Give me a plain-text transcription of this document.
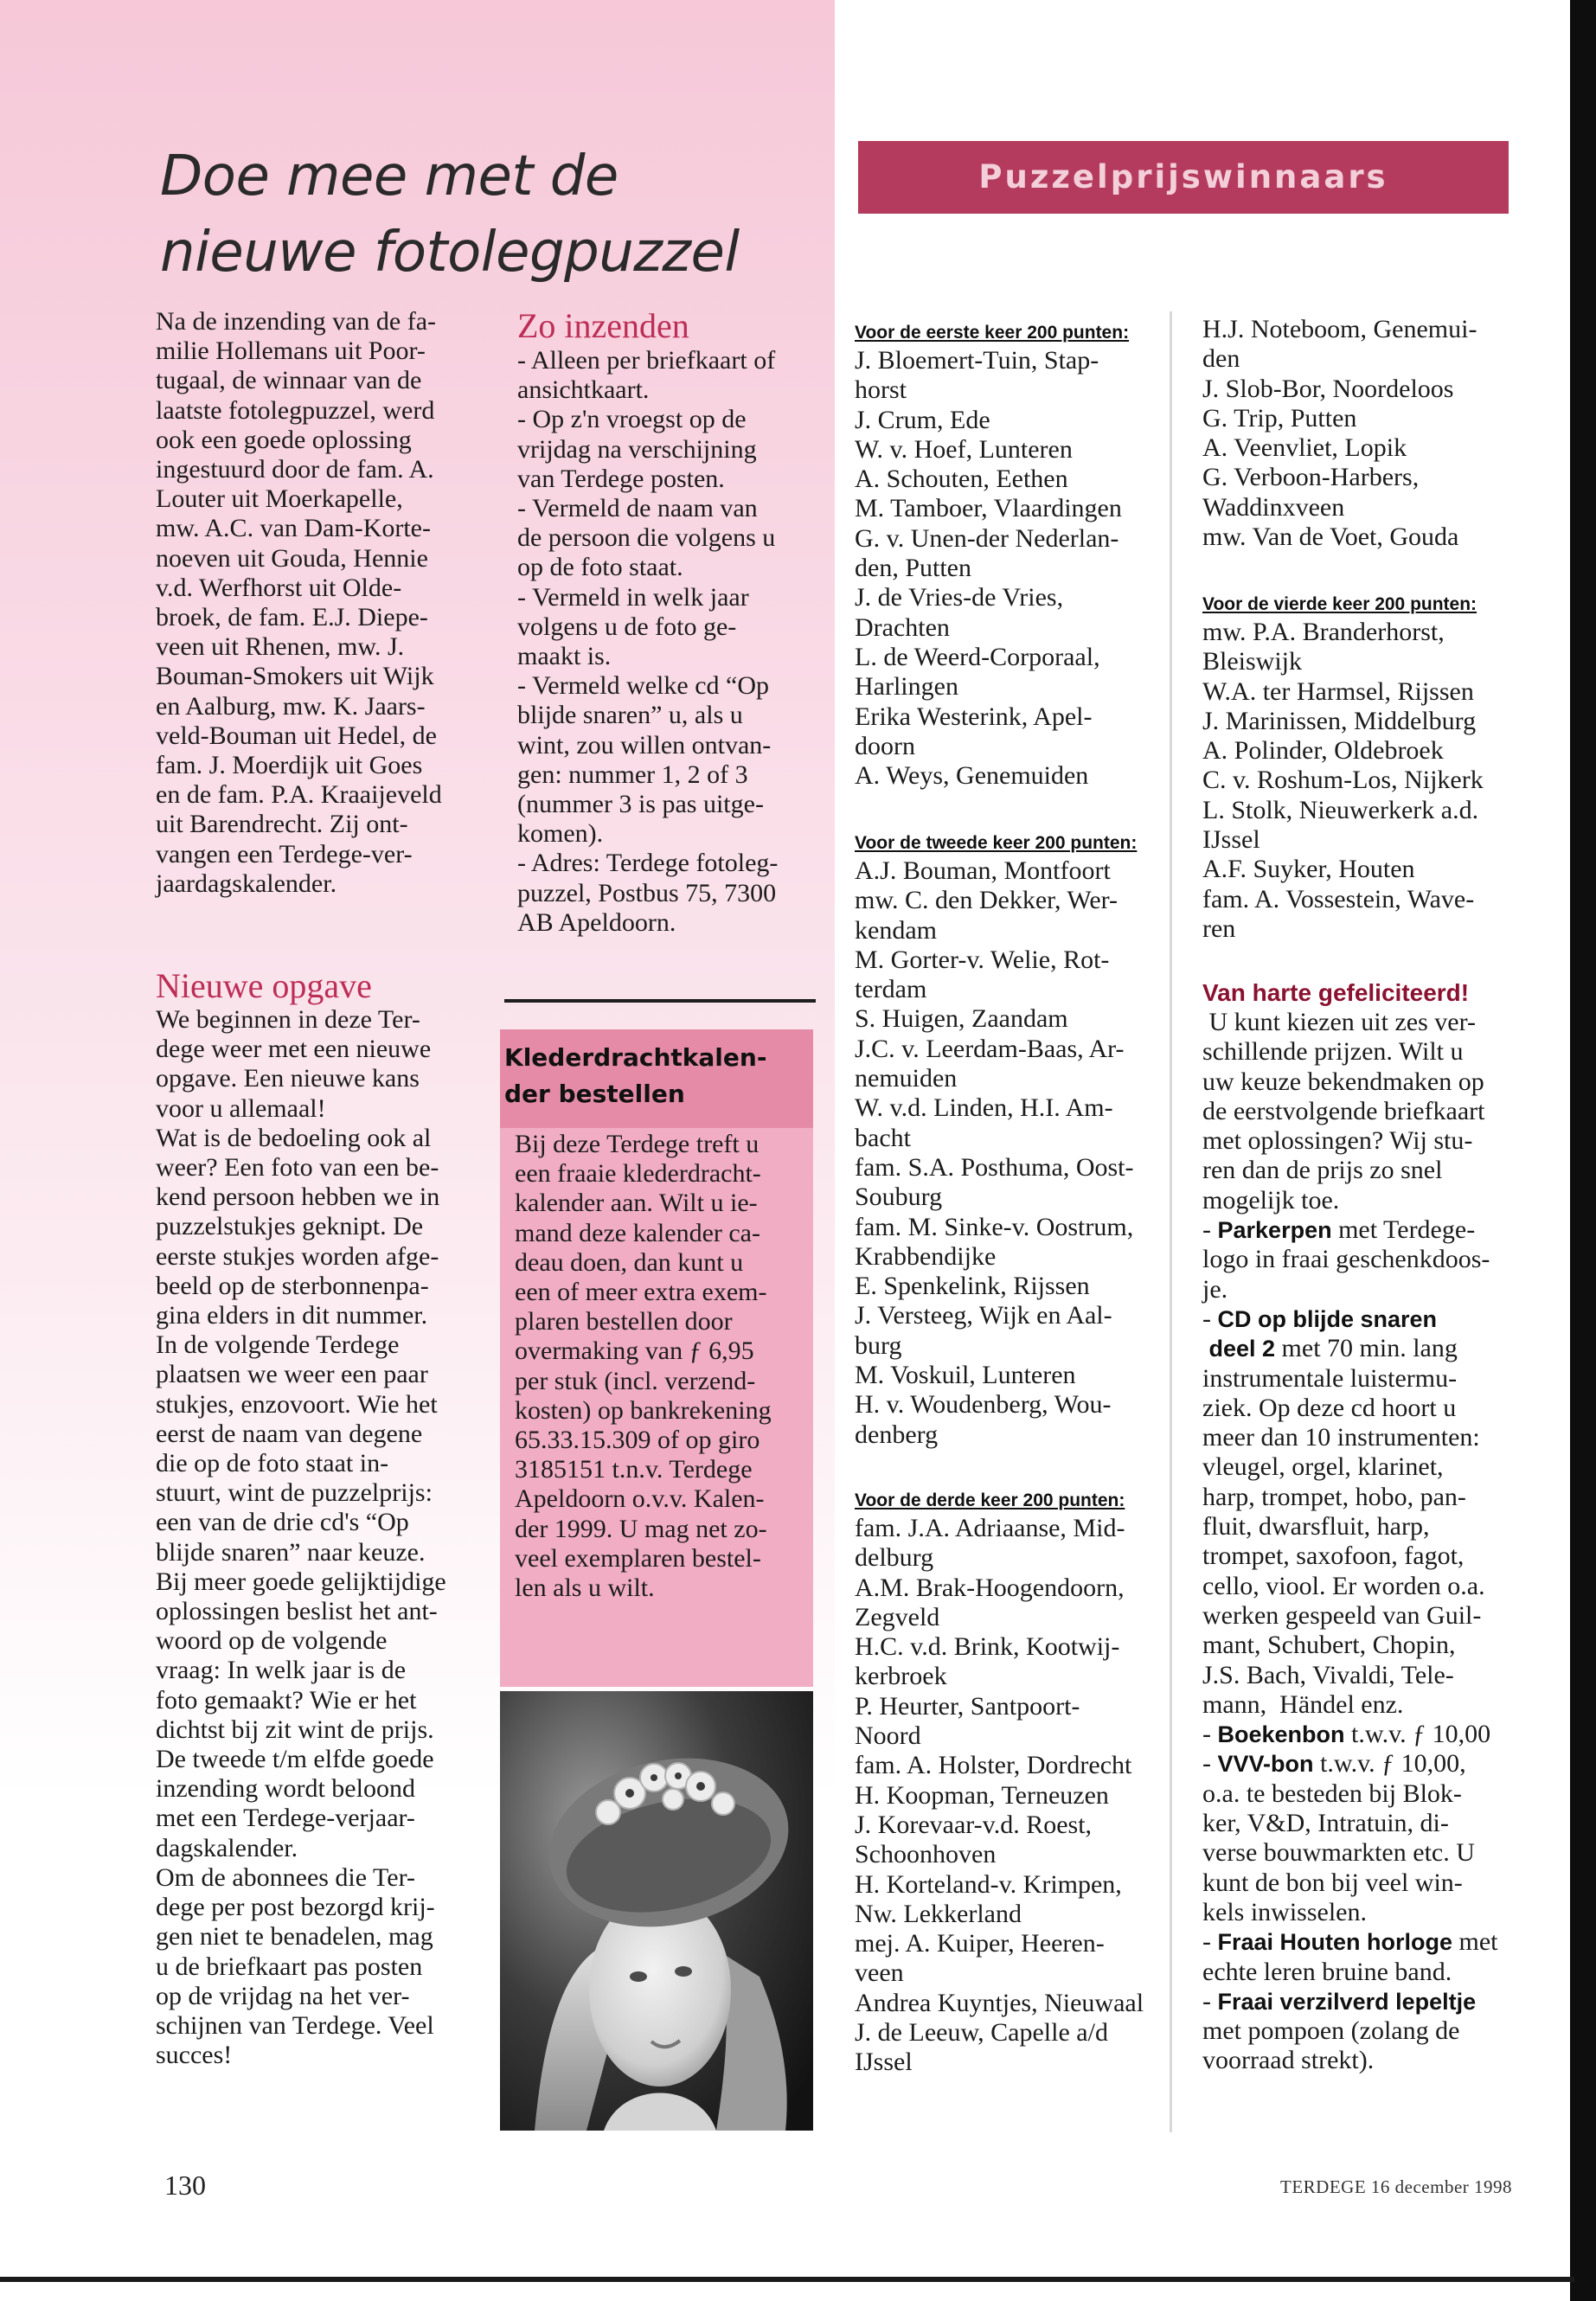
Doe mee met de
nieuwe fotolegpuzzel
Puzzelprijswinnaars

Na de inzending van de fa-

milie Hollemans uit Poor-

tugaal, de winnaar van de

laatste fotolegpuzzel, werd

ook een goede oplossing

ingestuurd door de fam. A.

Louter uit Moerkapelle,

mw. A.C. van Dam-Korte-

noeven uit Gouda, Hennie

v.d. Werfhorst uit Olde-

broek, de fam. E.J. Diepe-

veen uit Rhenen, mw. J.

Bouman-Smokers uit Wijk

en Aalburg, mw. K. Jaars-

veld-Bouman uit Hedel, de

fam. J. Moerdijk uit Goes

en de fam. P.A. Kraaijeveld

uit Barendrecht. Zij ont-

vangen een Terdege-ver-

jaardagskalender.

Nieuwe opgave

We beginnen in deze Ter-

dege weer met een nieuwe

opgave. Een nieuwe kans

voor u allemaal!

Wat is de bedoeling ook al

weer? Een foto van een be-

kend persoon hebben we in

puzzelstukjes geknipt. De

eerste stukjes worden afge-

beeld op de sterbonnenpa-

gina elders in dit nummer.

In de volgende Terdege

plaatsen we weer een paar

stukjes, enzovoort. Wie het

eerst de naam van degene

die op de foto staat in-

stuurt, wint de puzzelprijs:

een van de drie cd's “Op

blijde snaren” naar keuze.

Bij meer goede gelijktijdige

oplossingen beslist het ant-

woord op de volgende

vraag: In welk jaar is de

foto gemaakt? Wie er het

dichtst bij zit wint de prijs.

De tweede t/m elfde goede

inzending wordt beloond

met een Terdege-verjaar-

dagskalender.

Om de abonnees die Ter-

dege per post bezorgd krij-

gen niet te benadelen, mag

u de briefkaart pas posten

op de vrijdag na het ver-

schijnen van Terdege. Veel

succes!

Zo inzenden

- Alleen per briefkaart of

ansichtkaart.

- Op z'n vroegst op de

vrijdag na verschijning

van Terdege posten.

- Vermeld de naam van

de persoon die volgens u

op de foto staat.

- Vermeld in welk jaar

volgens u de foto ge-

maakt is.

- Vermeld welke cd “Op

blijde snaren” u, als u

wint, zou willen ontvan-

gen: nummer 1, 2 of 3

(nummer 3 is pas uitge-

komen).

- Adres: Terdege fotoleg-

puzzel, Postbus 75, 7300

AB Apeldoorn.

Klederdrachtkalen-
der bestellen

Bij deze Terdege treft u

een fraaie klederdracht-

kalender aan. Wilt u ie-

mand deze kalender ca-

deau doen, dan kunt u

een of meer extra exem-

plaren bestellen door

overmaking van ƒ 6,95

per stuk (incl. verzend-

kosten) op bankrekening

65.33.15.309 of op giro

3185151 t.n.v. Terdege

Apeldoorn o.v.v. Kalen-

der 1999. U mag net zo-

veel exemplaren bestel-

len als u wilt.

Voor de eerste keer 200 punten:

J. Bloemert-Tuin, Stap-

horst

J. Crum, Ede

W. v. Hoef, Lunteren

A. Schouten, Eethen

M. Tamboer, Vlaardingen

G. v. Unen-der Nederlan-

den, Putten

J. de Vries-de Vries,

Drachten

L. de Weerd-Corporaal,

Harlingen

Erika Westerink, Apel-

doorn

A. Weys, Genemuiden

Voor de tweede keer 200 punten:

A.J. Bouman, Montfoort

mw. C. den Dekker, Wer-

kendam

M. Gorter-v. Welie, Rot-

terdam

S. Huigen, Zaandam

J.C. v. Leerdam-Baas, Ar-

nemuiden

W. v.d. Linden, H.I. Am-

bacht

fam. S.A. Posthuma, Oost-

Souburg

fam. M. Sinke-v. Oostrum,

Krabbendijke

E. Spenkelink, Rijssen

J. Versteeg, Wijk en Aal-

burg

M. Voskuil, Lunteren

H. v. Woudenberg, Wou-

denberg

Voor de derde keer 200 punten:

fam. J.A. Adriaanse, Mid-

delburg

A.M. Brak-Hoogendoorn,

Zegveld

H.C. v.d. Brink, Kootwij-

kerbroek

P. Heurter, Santpoort-

Noord

fam. A. Holster, Dordrecht

H. Koopman, Terneuzen

J. Korevaar-v.d. Roest,

Schoonhoven

H. Korteland-v. Krimpen,

Nw. Lekkerland

mej. A. Kuiper, Heeren-

veen

Andrea Kuyntjes, Nieuwaal

J. de Leeuw, Capelle a/d

IJssel

H.J. Noteboom, Genemui-

den

J. Slob-Bor, Noordeloos

G. Trip, Putten

A. Veenvliet, Lopik

G. Verboon-Harbers,

Waddinxveen

mw. Van de Voet, Gouda

Voor de vierde keer 200 punten:

mw. P.A. Branderhorst,

Bleiswijk

W.A. ter Harmsel, Rijssen

J. Marinissen, Middelburg

A. Polinder, Oldebroek

C. v. Roshum-Los, Nijkerk

L. Stolk, Nieuwerkerk a.d.

IJssel

A.F. Suyker, Houten

fam. A. Vossestein, Wave-

ren

Van harte gefeliciteerd!

U kunt kiezen uit zes ver-

schillende prijzen. Wilt u

uw keuze bekendmaken op

de eerstvolgende briefkaart

met oplossingen? Wij stu-

ren dan de prijs zo snel

mogelijk toe.

- Parkerpen met Terdege-

logo in fraai geschenkdoos-

je.

- CD op blijde snaren

deel 2 met 70 min. lang

instrumentale luistermu-

ziek. Op deze cd hoort u

meer dan 10 instrumenten:

vleugel, orgel, klarinet,

harp, trompet, hobo, pan-

fluit, dwarsfluit, harp,

trompet, saxofoon, fagot,

cello, viool. Er worden o.a.

werken gespeeld van Guil-

mant, Schubert, Chopin,

J.S. Bach, Vivaldi, Tele-

mann,  Händel enz.

- Boekenbon t.w.v. ƒ 10,00

- VVV-bon t.w.v. ƒ 10,00,

o.a. te besteden bij Blok-

ker, V&D, Intratuin, di-

verse bouwmarkten etc. U

kunt de bon bij veel win-

kels inwisselen.

- Fraai Houten horloge met

echte leren bruine band.

- Fraai verzilverd lepeltje

met pompoen (zolang de

voorraad strekt).

130	TERDEGE 16 december 1998
